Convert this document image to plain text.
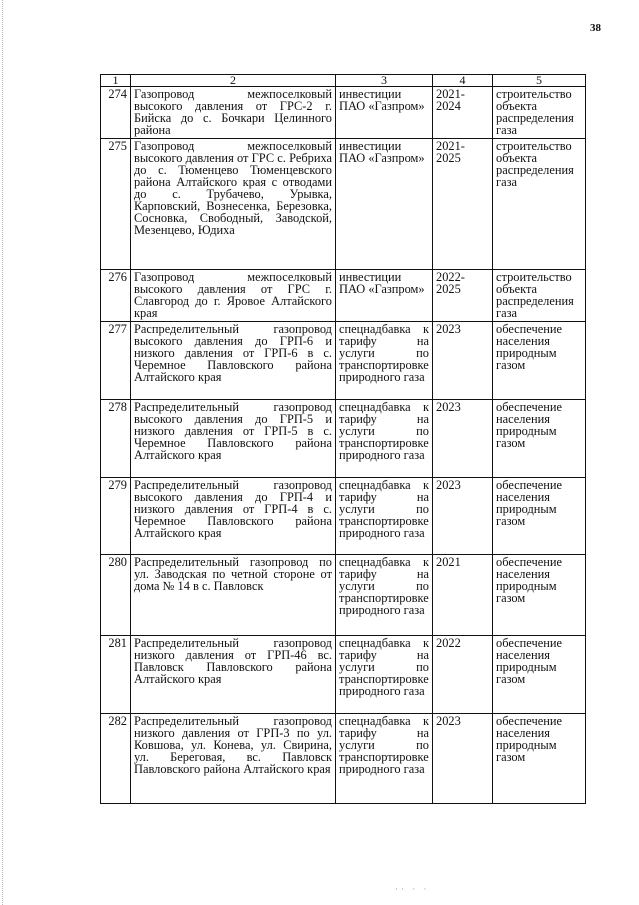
38
1	2	3	4	5
274	Газопровод межпоселковый высокого давления от ГРС-2 г. Бийска до с. Бочкари Целинного района	инвестиции ПАО «Газпром»	2021-2024	строительство объекта распределения газа
275	Газопровод межпоселковый высокого давления от ГРС с. Ребриха до с. Тюменцево Тюменцевского района Алтайского края с отводами до с. Трубачево, Урывка, Карповский, Вознесенка, Березовка, Сосновка, Свободный, Заводской, Мезенцево, Юдиха	инвестиции ПАО «Газпром»	2021-2025	строительство объекта распределения газа
276	Газопровод межпоселковый высокого давления от ГРС г. Славгород до г. Яровое Алтайского края	инвестиции ПАО «Газпром»	2022-2025	строительство объекта распределения газа
277	Распределительный газопровод высокого давления до ГРП-6 и низкого давления от ГРП-6 в с. Черемное Павловского района Алтайского края	спецнадбавка к тарифу на услуги по транспортировке природного газа	2023	обеспечение населения природным газом
278	Распределительный газопровод высокого давления до ГРП-5 и низкого давления от ГРП-5 в с. Черемное Павловского района Алтайского края	спецнадбавка к тарифу на услуги по транспортировке природного газа	2023	обеспечение населения природным газом
279	Распределительный газопровод высокого давления до ГРП-4 и низкого давления от ГРП-4 в с. Черемное Павловского района Алтайского края	спецнадбавка к тарифу на услуги по транспортировке природного газа	2023	обеспечение населения природным газом
280	Распределительный газопровод по ул. Заводская по четной стороне от дома № 14 в с. Павловск	спецнадбавка к тарифу на услуги по транспортировке природного газа	2021	обеспечение населения природным газом
281	Распределительный газопровод низкого давления от ГРП-46 вс. Павловск Павловского района Алтайского края	спецнадбавка к тарифу на услуги по транспортировке природного газа	2022	обеспечение населения природным газом
282	Распределительный газопровод низкого давления от ГРП-3 по ул. Ковшова, ул. Конева, ул. Свирина, ул. Береговая, вс. Павловск Павловского района Алтайского края	спецнадбавка к тарифу на услуги по транспортировке природного газа	2023	обеспечение населения природным газом
·· · ·
